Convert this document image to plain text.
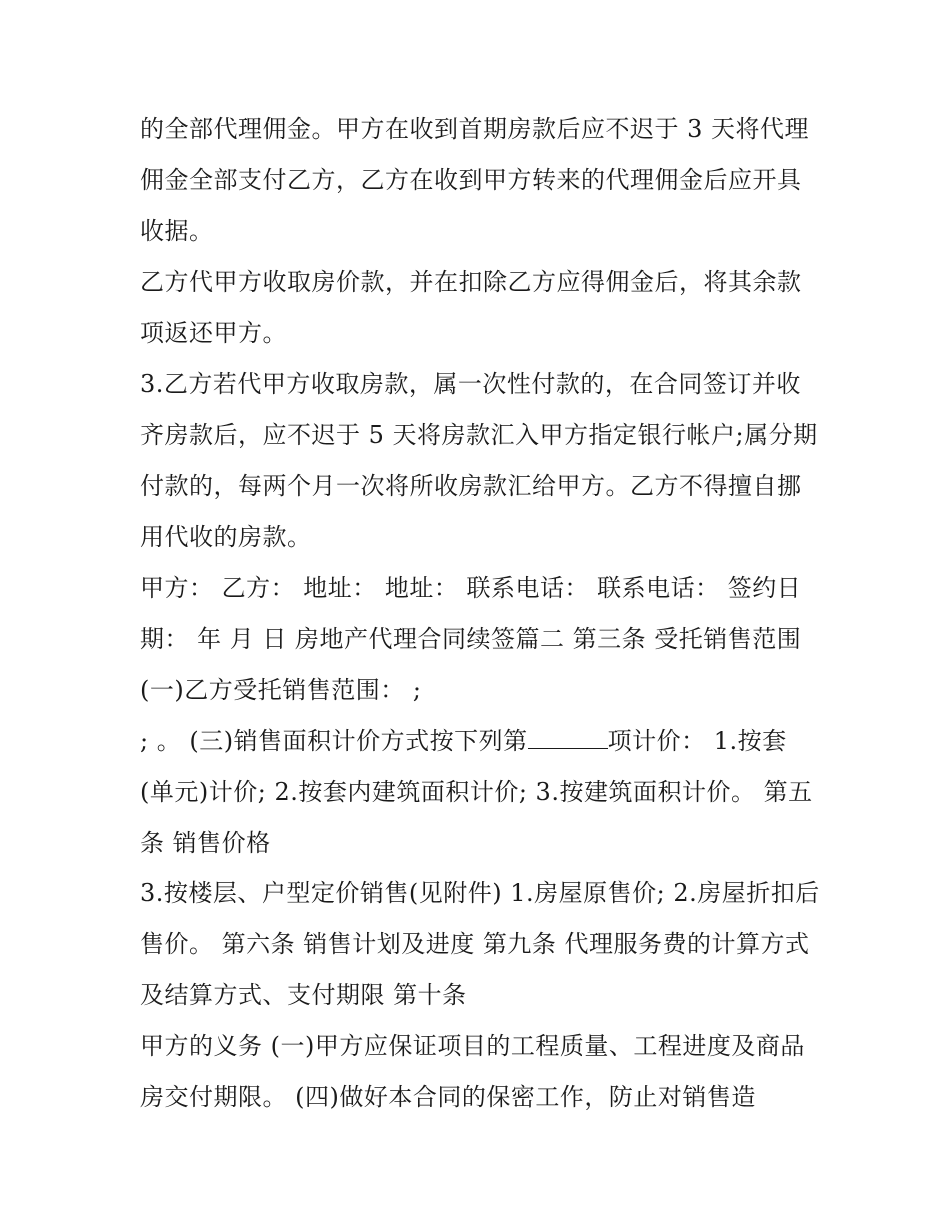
的全部代理佣金。甲方在收到首期房款后应不迟于 3 天将代理佣金全部支付乙方，乙方在收到甲方转来的代理佣金后应开具收据。

乙方代甲方收取房价款，并在扣除乙方应得佣金后，将其余款项返还甲方。

3.乙方若代甲方收取房款，属一次性付款的，在合同签订并收齐房款后，应不迟于 5 天将房款汇入甲方指定银行帐户;属分期付款的，每两个月一次将所收房款汇给甲方。乙方不得擅自挪用代收的房款。

甲方： 乙方： 地址： 地址： 联系电话： 联系电话： 签约日期： 年 月 日 房地产代理合同续签篇二 第三条 受托销售范围 (一)乙方受托销售范围： ;

; 。 (三)销售面积计价方式按下列第	项计价： 1.按套(单元)计价; 2.按套内建筑面积计价; 3.按建筑面积计价。 第五条 销售价格

3.按楼层、户型定价销售(见附件) 1.房屋原售价; 2.房屋折扣后售价。 第六条 销售计划及进度 第九条 代理服务费的计算方式及结算方式、支付期限 第十条

甲方的义务 (一)甲方应保证项目的工程质量、工程进度及商品房交付期限。 (四)做好本合同的保密工作，防止对销售造
